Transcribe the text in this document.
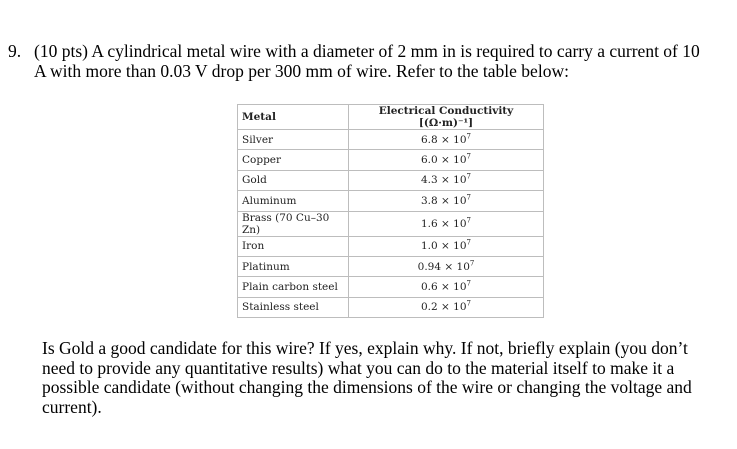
9. (10 pts) A cylindrical metal wire with a diameter of 2 mm in is required to carry a current of 10
A with more than 0.03 V drop per 300 mm of wire. Refer to the table below:
Metal	Electrical Conductivity [(Ω·m)⁻¹]
Silver	$6.8 \times 10^7$
Copper	$6.0 \times 10^7$
Gold	$4.3 \times 10^7$
Aluminum	$3.8 \times 10^7$
Brass (70 Cu–30 Zn)	$1.6 \times 10^7$
Iron	$1.0 \times 10^7$
Platinum	$0.94 \times 10^7$
Plain carbon steel	$0.6 \times 10^7$
Stainless steel	$0.2 \times 10^7$
Is Gold a good candidate for this wire? If yes, explain why. If not, briefly explain (you don’t
need to provide any quantitative results) what you can do to the material itself to make it a
possible candidate (without changing the dimensions of the wire or changing the voltage and
current).
